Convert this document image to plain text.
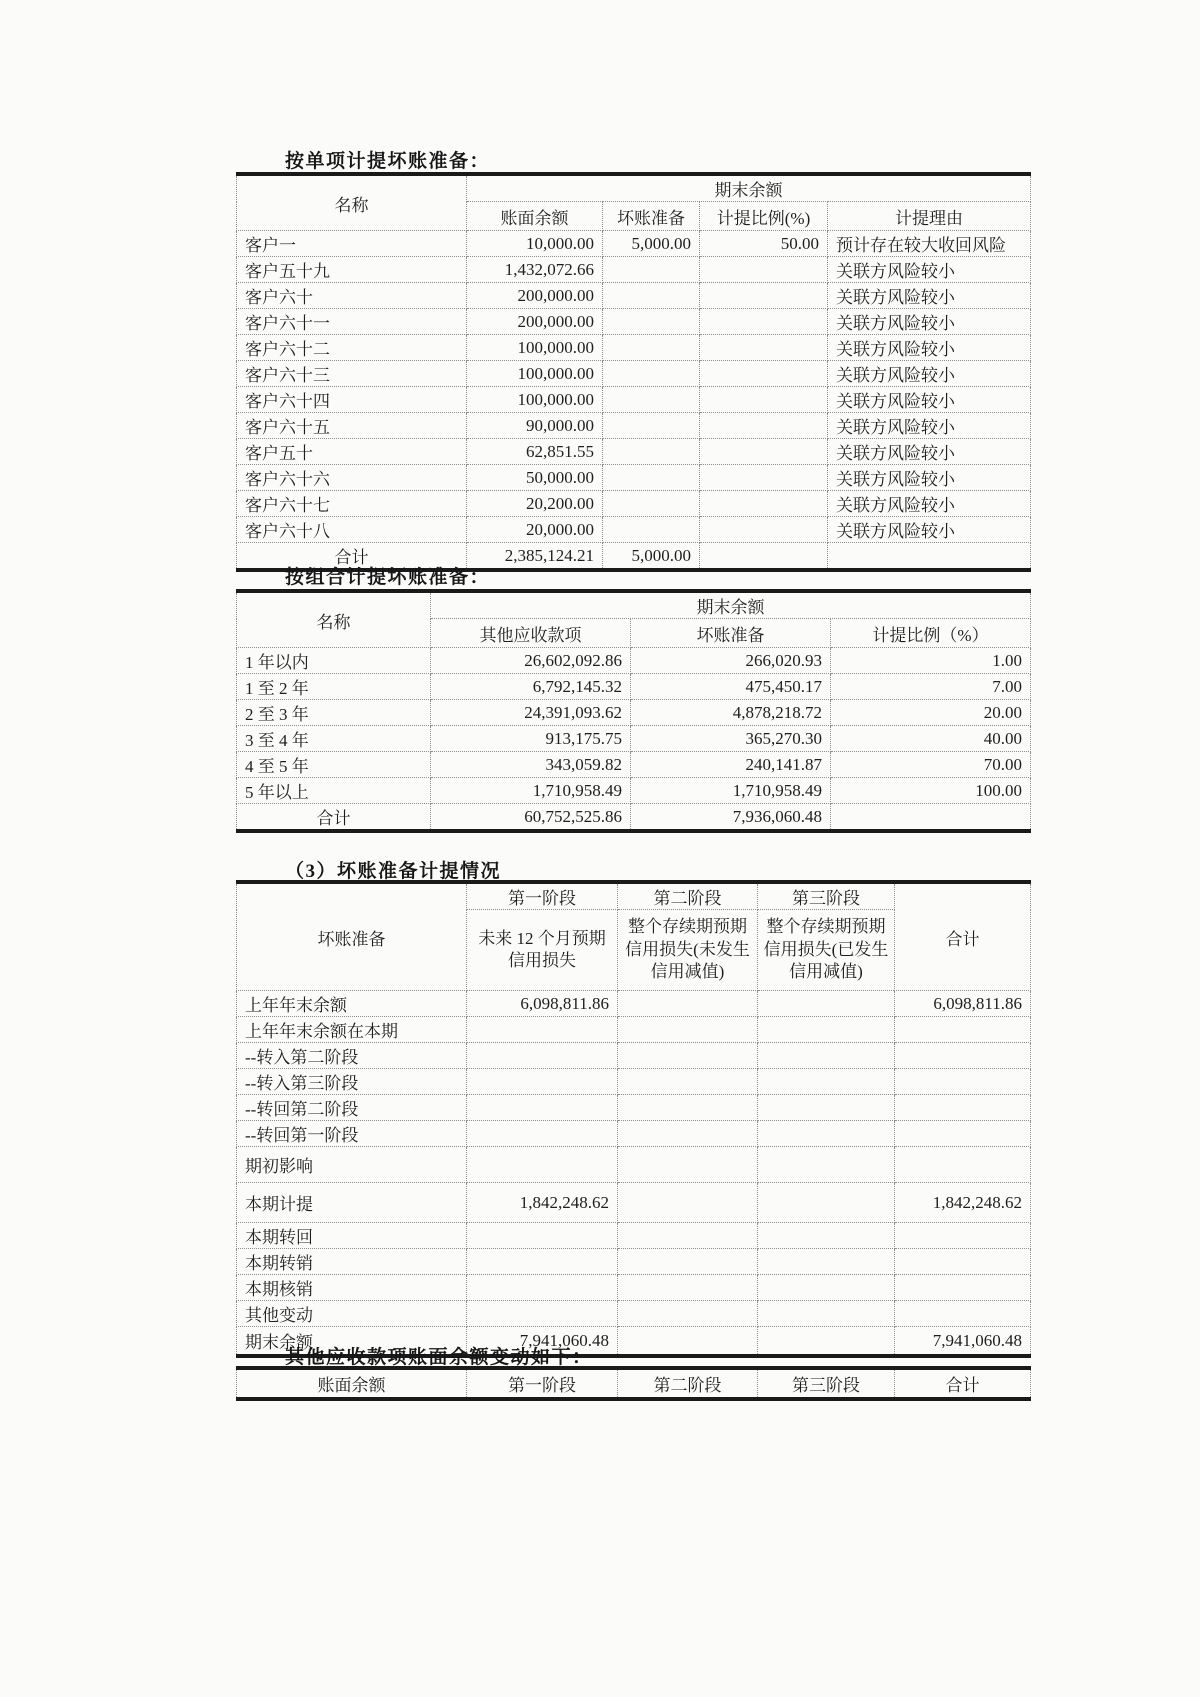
按单项计提坏账准备：
名称	期末余额			
	账面余额	坏账准备	计提比例(%)	计提理由
客户一	10,000.00	5,000.00	50.00	预计存在较大收回风险
客户五十九	1,432,072.66			关联方风险较小
客户六十	200,000.00			关联方风险较小
客户六十一	200,000.00			关联方风险较小
客户六十二	100,000.00			关联方风险较小
客户六十三	100,000.00			关联方风险较小
客户六十四	100,000.00			关联方风险较小
客户六十五	90,000.00			关联方风险较小
客户五十	62,851.55			关联方风险较小
客户六十六	50,000.00			关联方风险较小
客户六十七	20,200.00			关联方风险较小
客户六十八	20,000.00			关联方风险较小
合计	2,385,124.21	5,000.00		
按组合计提坏账准备：
名称	期末余额		
	其他应收款项	坏账准备	计提比例（%）
1 年以内	26,602,092.86	266,020.93	1.00
1 至 2 年	6,792,145.32	475,450.17	7.00
2 至 3 年	24,391,093.62	4,878,218.72	20.00
3 至 4 年	913,175.75	365,270.30	40.00
4 至 5 年	343,059.82	240,141.87	70.00
5 年以上	1,710,958.49	1,710,958.49	100.00
合计	60,752,525.86	7,936,060.48	
（3）坏账准备计提情况
坏账准备	第一阶段	第二阶段	第三阶段	合计
	未来 12 个月预期信用损失	整个存续期预期信用损失(未发生信用减值)	整个存续期预期信用损失(已发生信用减值)	
上年年末余额	6,098,811.86			6,098,811.86
上年年末余额在本期				
--转入第二阶段				
--转入第三阶段				
--转回第二阶段				
--转回第一阶段				
期初影响				
本期计提	1,842,248.62			1,842,248.62
本期转回				
本期转销				
本期核销				
其他变动				
期末余额	7,941,060.48			7,941,060.48
其他应收款项账面余额变动如下：
账面余额	第一阶段	第二阶段	第三阶段	合计
